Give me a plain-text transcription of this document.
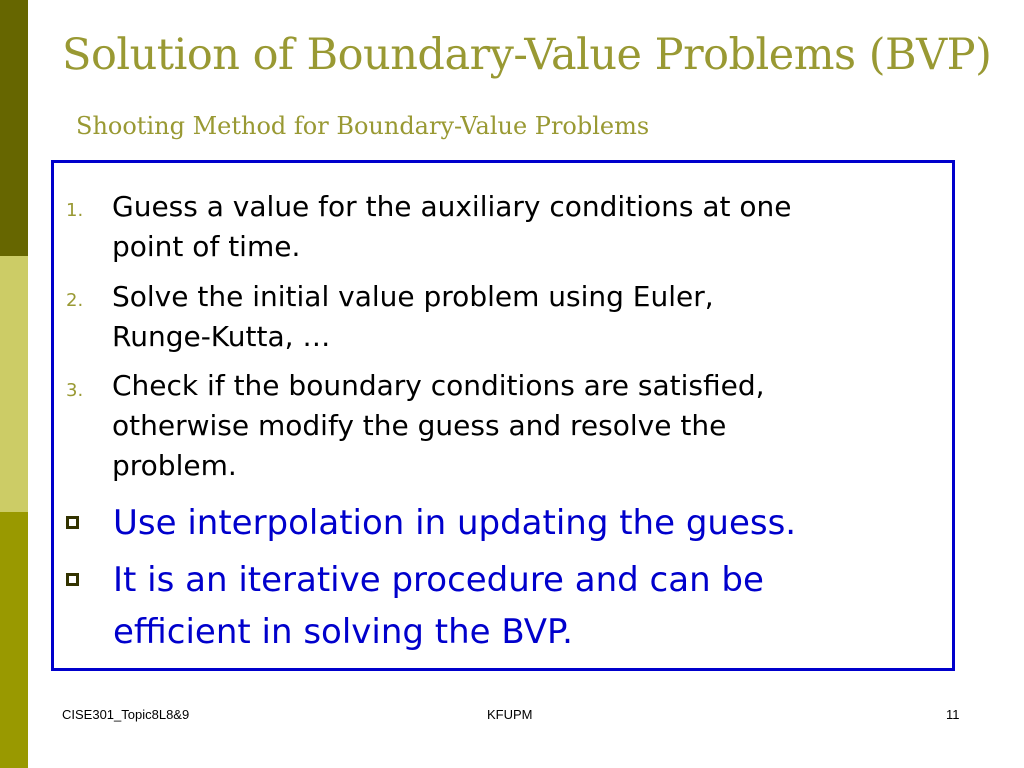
Solution of Boundary-Value Problems (BVP)
Shooting Method for Boundary-Value Problems
1. Guess a value for the auxiliary conditions at one
point of time.
2. Solve the initial value problem using Euler,
Runge-Kutta, …
3. Check if the boundary conditions are satisfied,
otherwise modify the guess and resolve the
problem.
Use interpolation in updating the guess.
It is an iterative procedure and can be
efficient in solving the BVP.
CISE301_Topic8L8&9	KFUPM	11
